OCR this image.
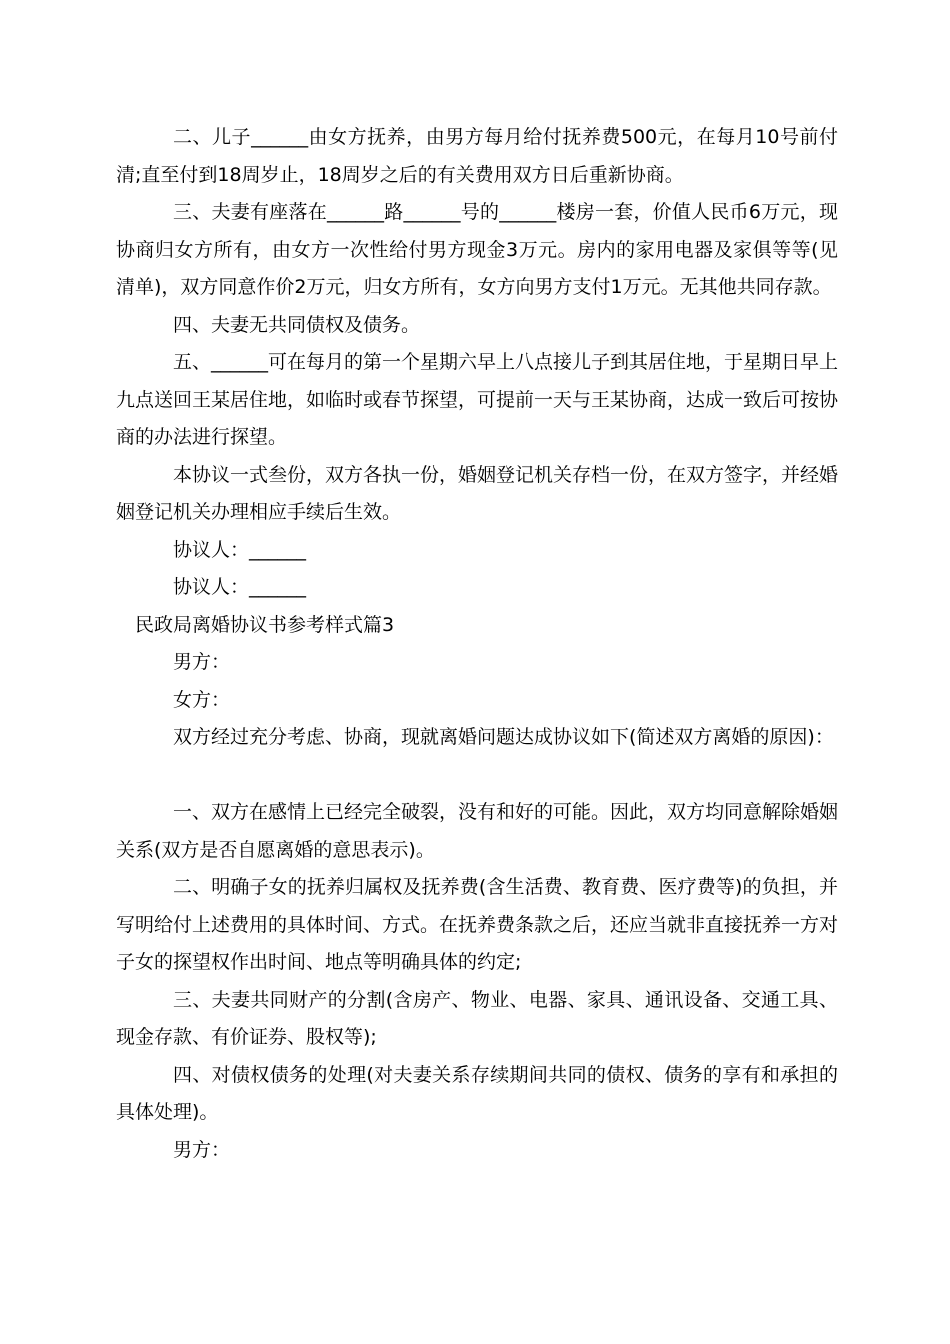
二、儿子______由女方抚养，由男方每月给付抚养费500元，在每月10号前付清;直至付到18周岁止，18周岁之后的有关费用双方日后重新协商。

三、夫妻有座落在______路______号的______楼房一套，价值人民币6万元，现协商归女方所有，由女方一次性给付男方现金3万元。房内的家用电器及家俱等等(见清单)，双方同意作价2万元，归女方所有，女方向男方支付1万元。无其他共同存款。

四、夫妻无共同债权及债务。

五、______可在每月的第一个星期六早上八点接儿子到其居住地，于星期日早上九点送回王某居住地，如临时或春节探望，可提前一天与王某协商，达成一致后可按协商的办法进行探望。

本协议一式叁份，双方各执一份，婚姻登记机关存档一份，在双方签字，并经婚姻登记机关办理相应手续后生效。

协议人：______

协议人：______

民政局离婚协议书参考样式篇3

男方：

女方：

双方经过充分考虑、协商，现就离婚问题达成协议如下(简述双方离婚的原因)：

一、双方在感情上已经完全破裂，没有和好的可能。因此，双方均同意解除婚姻关系(双方是否自愿离婚的意思表示)。

二、明确子女的抚养归属权及抚养费(含生活费、教育费、医疗费等)的负担，并写明给付上述费用的具体时间、方式。在抚养费条款之后，还应当就非直接抚养一方对子女的探望权作出时间、地点等明确具体的约定;

三、夫妻共同财产的分割(含房产、物业、电器、家具、通讯设备、交通工具、现金存款、有价证券、股权等);

四、对债权债务的处理(对夫妻关系存续期间共同的债权、债务的享有和承担的具体处理)。

男方：
